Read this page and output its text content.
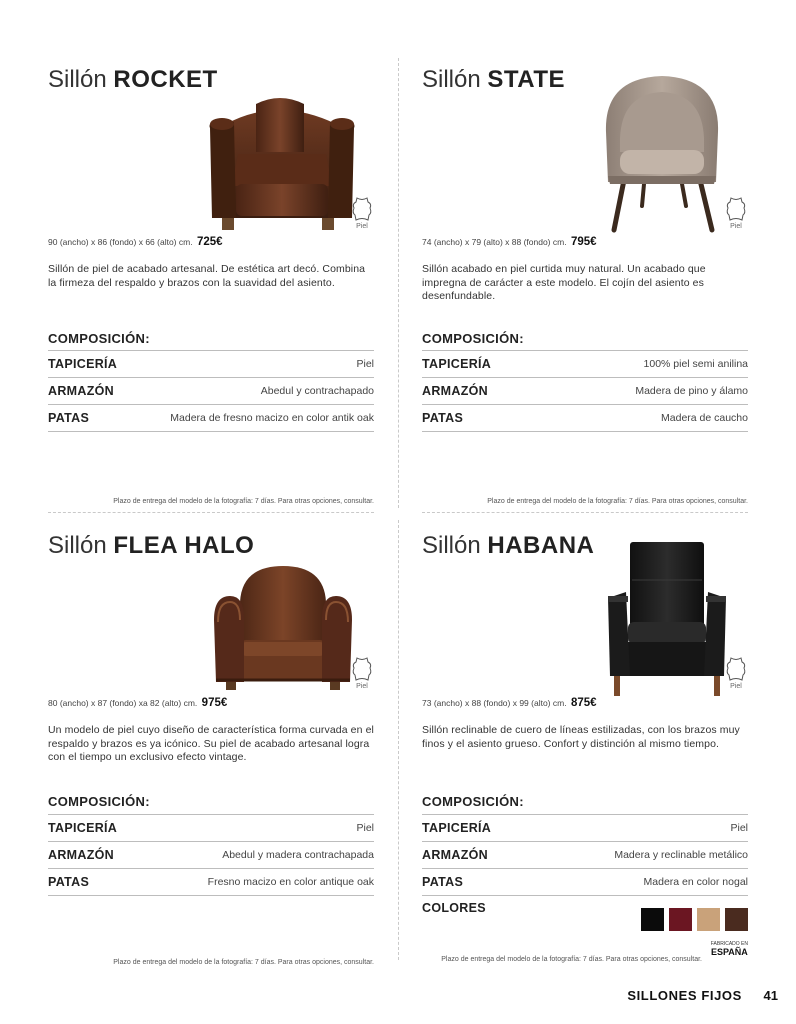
Sillón ROCKET
Piel
90 (ancho) x 86 (fondo) x 66 (alto) cm. 725€
Sillón de piel de acabado artesanal. De estética art decó. Combina la firmeza del respaldo y brazos con la suavidad del asiento.
COMPOSICIÓN:
TAPICERÍA	Piel
ARMAZÓN	Abedul y contrachapado
PATAS	Madera de fresno macizo en color antik oak
Plazo de entrega del modelo de la fotografía: 7 días. Para otras opciones, consultar.
Sillón STATE
Piel
74 (ancho) x 79 (alto) x 88 (fondo) cm. 795€
Sillón acabado en piel curtida muy natural. Un acabado que impregna de carácter a este modelo. El cojín del asiento es desenfundable.
COMPOSICIÓN:
TAPICERÍA	100% piel semi anilina
ARMAZÓN	Madera de pino y álamo
PATAS	Madera de caucho
Plazo de entrega del modelo de la fotografía: 7 días. Para otras opciones, consultar.
Sillón FLEA HALO
Piel
80 (ancho) x 87 (fondo) xa 82 (alto) cm. 975€
Un modelo de piel cuyo diseño de característica forma curvada en el respaldo y brazos es ya icónico. Su piel de acabado artesanal logra con el tiempo un exclusivo efecto vintage.
COMPOSICIÓN:
TAPICERÍA	Piel
ARMAZÓN	Abedul y madera contrachapada
PATAS	Fresno macizo en color antique oak
Plazo de entrega del modelo de la fotografía: 7 días. Para otras opciones, consultar.
Sillón HABANA
Piel
73 (ancho) x 88 (fondo) x 99 (alto) cm. 875€
Sillón reclinable de cuero de líneas estilizadas, con los brazos muy finos y el asiento grueso. Confort y distinción al mismo tiempo.
COMPOSICIÓN:
TAPICERÍA	Piel
ARMAZÓN	Madera y reclinable metálico
PATAS	Madera en color nogal
COLORES
FABRICADO EN
ESPAÑA
Plazo de entrega del modelo de la fotografía: 7 días. Para otras opciones, consultar.
SILLONES FIJOS 41
